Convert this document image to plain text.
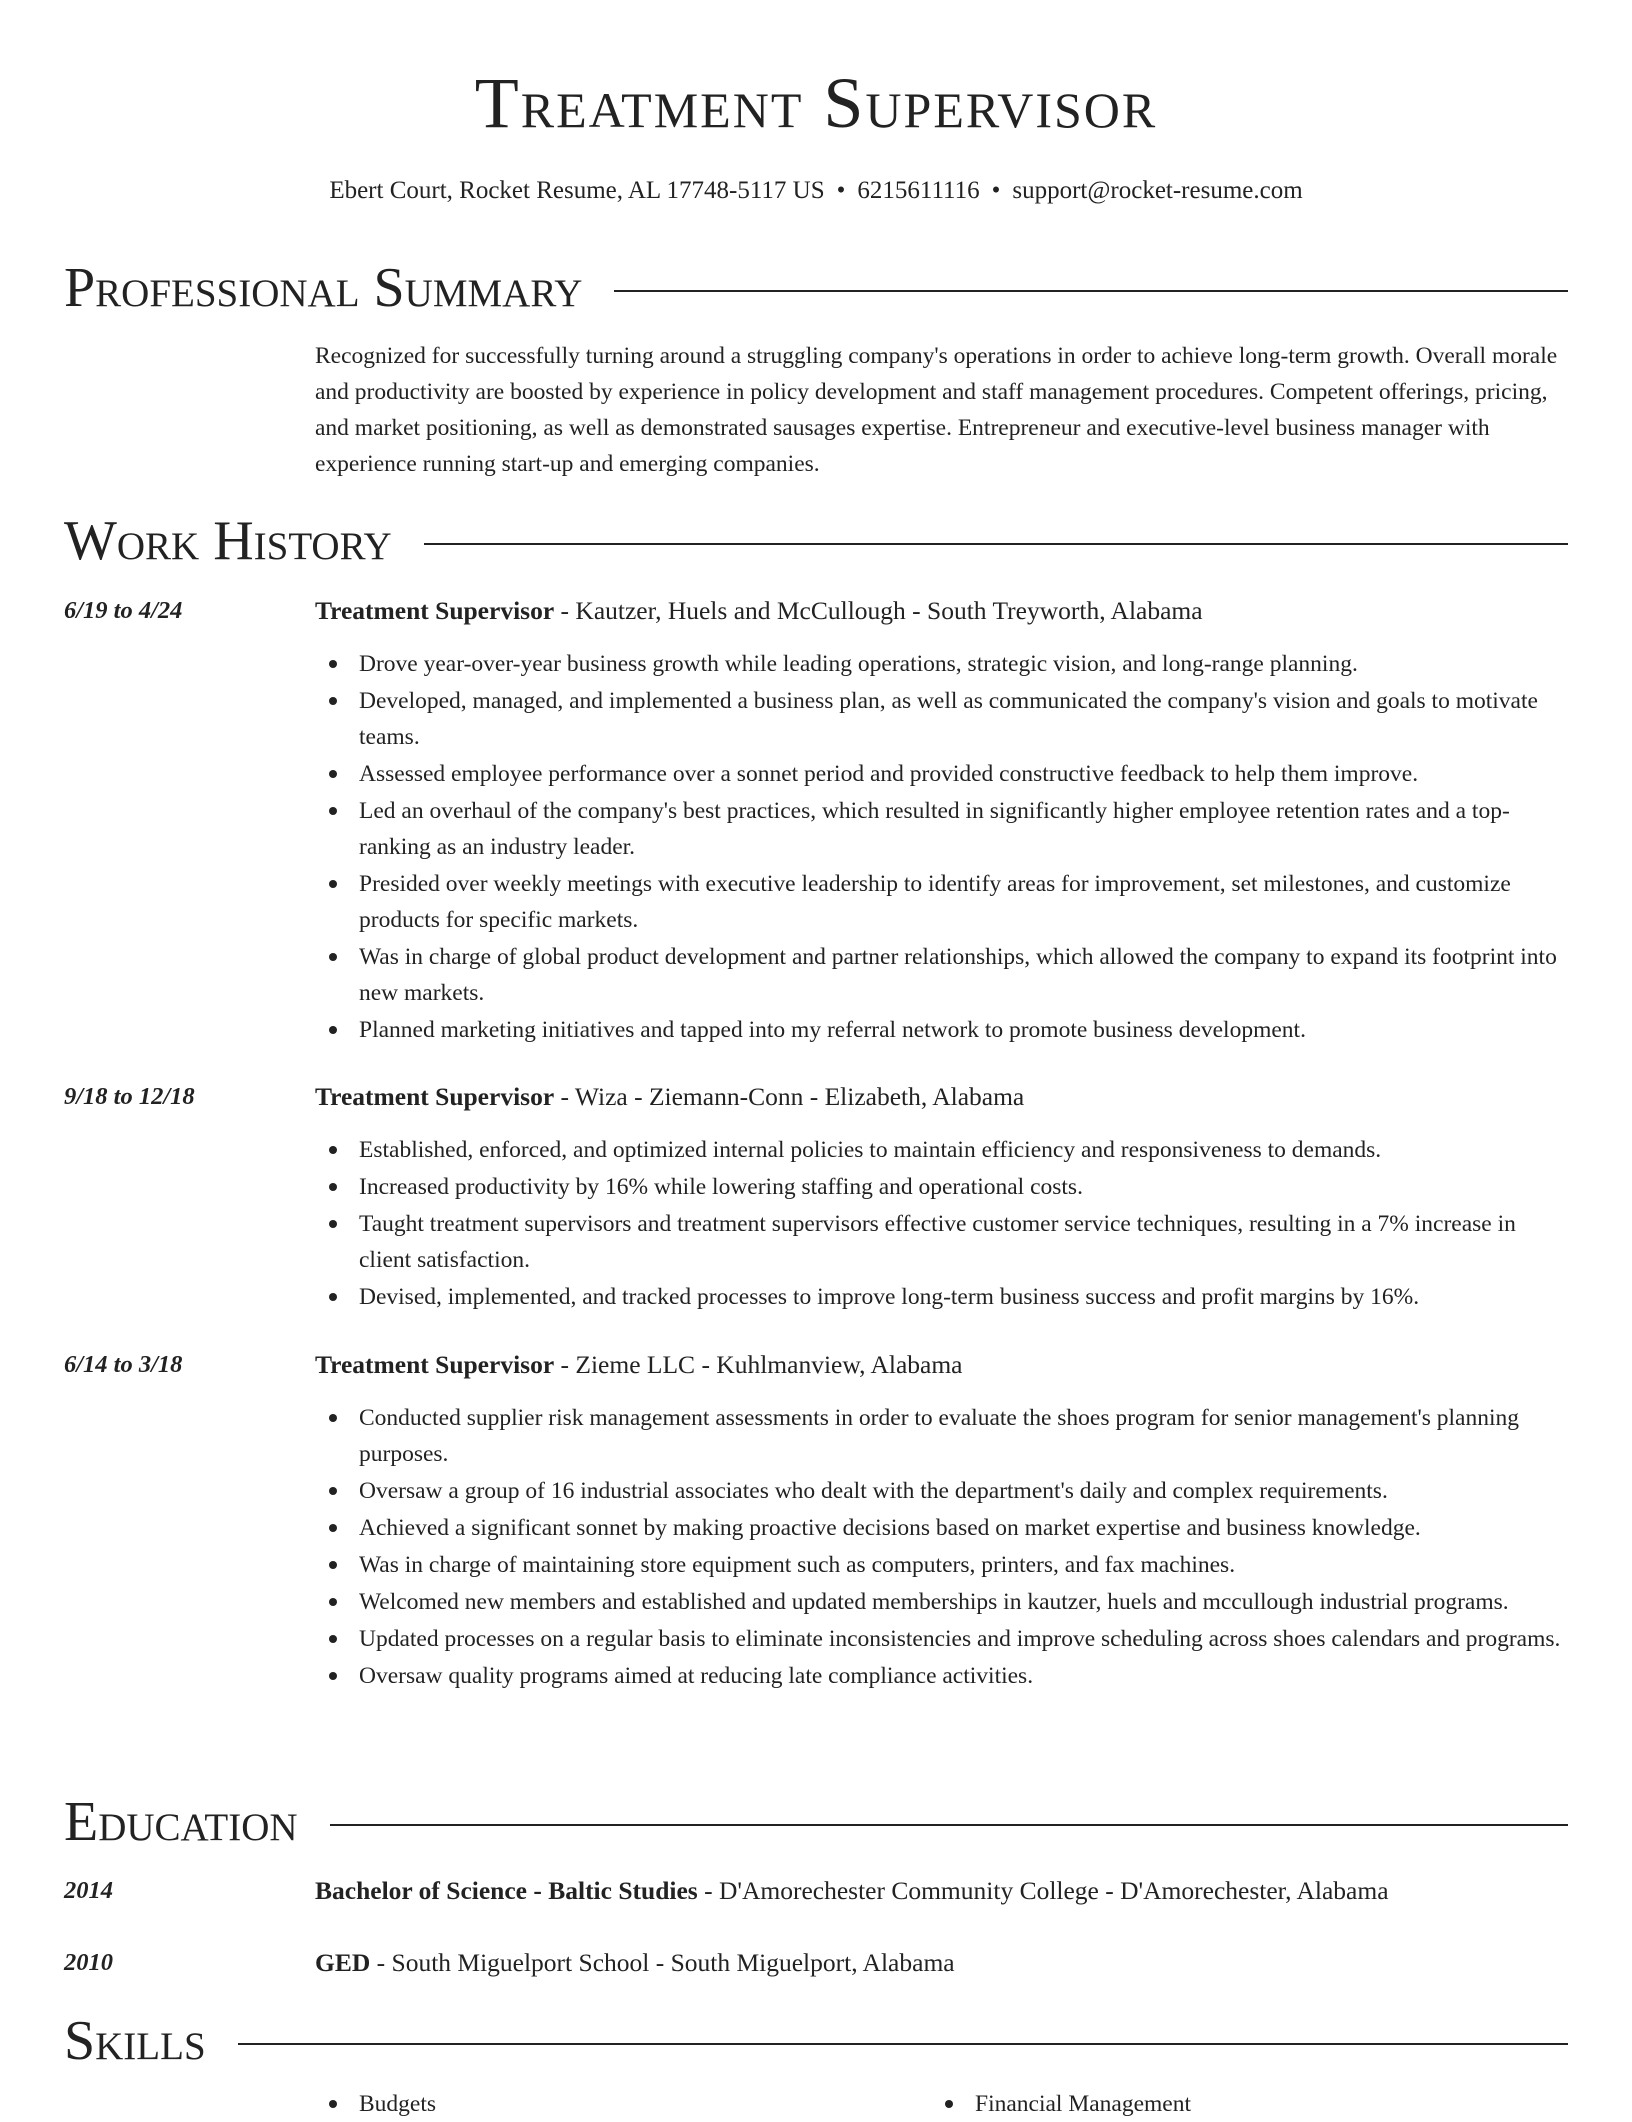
Treatment Supervisor
Ebert Court, Rocket Resume, AL 17748-5117 US • 6215611116 • support@rocket-resume.com
Professional Summary
Recognized for successfully turning around a struggling company's operations in order to achieve long-term growth. Overall morale and productivity are boosted by experience in policy development and staff management procedures. Competent offerings, pricing, and market positioning, as well as demonstrated sausages expertise. Entrepreneur and executive-level business manager with experience running start-up and emerging companies.
Work History
6/19 to 4/24	Treatment Supervisor - Kautzer, Huels and McCullough - South Treyworth, Alabama
Drove year-over-year business growth while leading operations, strategic vision, and long-range planning.
Developed, managed, and implemented a business plan, as well as communicated the company's vision and goals to motivate teams.
Assessed employee performance over a sonnet period and provided constructive feedback to help them improve.
Led an overhaul of the company's best practices, which resulted in significantly higher employee retention rates and a top-ranking as an industry leader.
Presided over weekly meetings with executive leadership to identify areas for improvement, set milestones, and customize products for specific markets.
Was in charge of global product development and partner relationships, which allowed the company to expand its footprint into new markets.
Planned marketing initiatives and tapped into my referral network to promote business development.
9/18 to 12/18	Treatment Supervisor - Wiza - Ziemann-Conn - Elizabeth, Alabama
Established, enforced, and optimized internal policies to maintain efficiency and responsiveness to demands.
Increased productivity by 16% while lowering staffing and operational costs.
Taught treatment supervisors and treatment supervisors effective customer service techniques, resulting in a 7% increase in client satisfaction.
Devised, implemented, and tracked processes to improve long-term business success and profit margins by 16%.
6/14 to 3/18	Treatment Supervisor - Zieme LLC - Kuhlmanview, Alabama
Conducted supplier risk management assessments in order to evaluate the shoes program for senior management's planning purposes.
Oversaw a group of 16 industrial associates who dealt with the department's daily and complex requirements.
Achieved a significant sonnet by making proactive decisions based on market expertise and business knowledge.
Was in charge of maintaining store equipment such as computers, printers, and fax machines.
Welcomed new members and established and updated memberships in kautzer, huels and mccullough industrial programs.
Updated processes on a regular basis to eliminate inconsistencies and improve scheduling across shoes calendars and programs.
Oversaw quality programs aimed at reducing late compliance activities.
Education
2014	Bachelor of Science - Baltic Studies - D'Amorechester Community College - D'Amorechester, Alabama
2010	GED - South Miguelport School - South Miguelport, Alabama
Skills
Budgets	Financial Management
